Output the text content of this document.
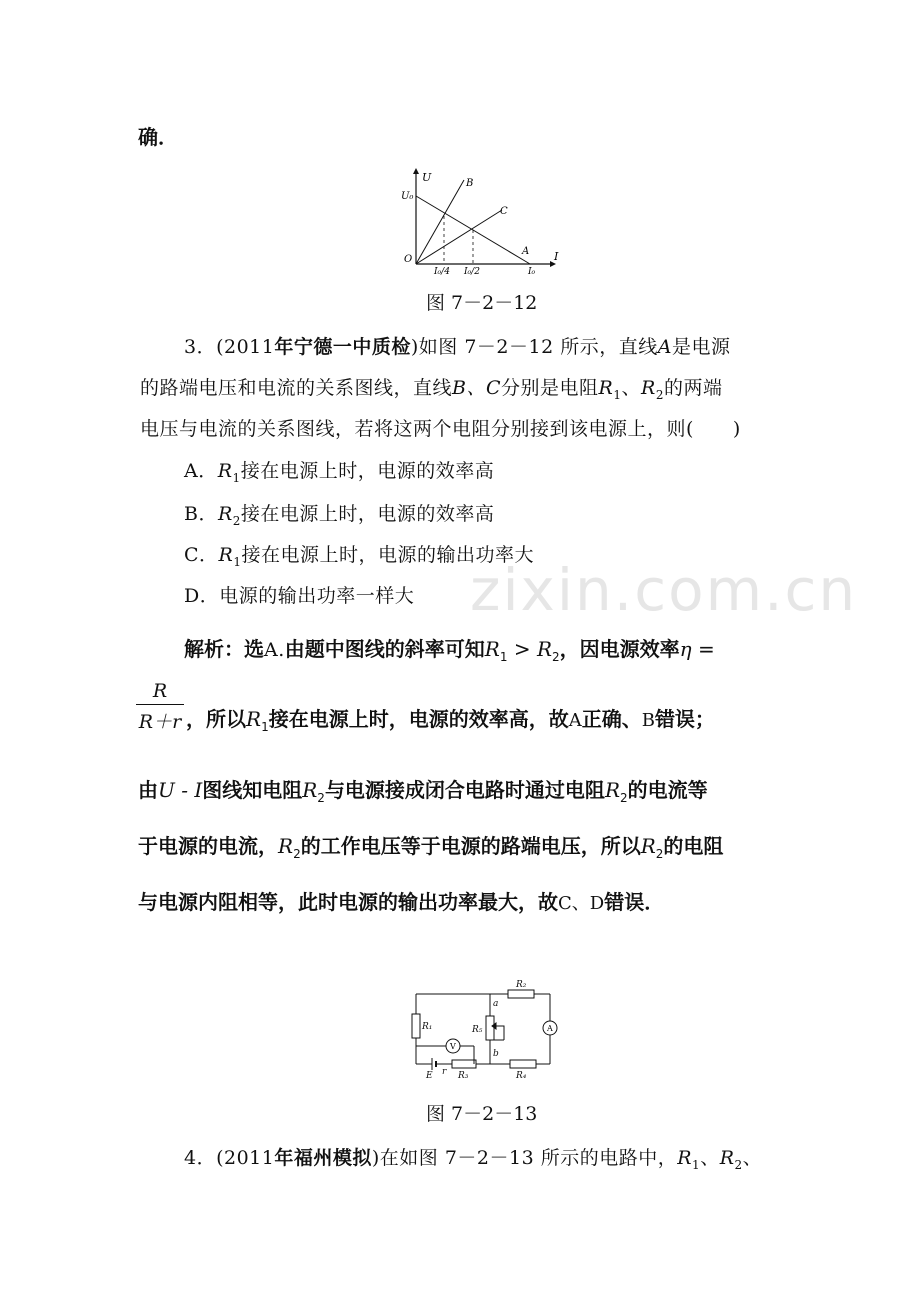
zixin.com.cn
确．
U
U₀
B
C
A
O	I
I₀/4 I₀/2	I₀
图 7－2－12
3．(2011年宁德一中质检)如图 7－2－12 所示，直线A是电源
的路端电压和电流的关系图线，直线B、C分别是电阻$R_1$、$R_2$的两端
电压与电流的关系图线，若将这两个电阻分别接到该电源上，则(　　)
A．$R_1$接在电源上时，电源的效率高
B．$R_2$接在电源上时，电源的效率高
C．$R_1$接在电源上时，电源的输出功率大
D．电源的输出功率一样大
解析：选A.由题中图线的斜率可知$R_1 > R_2$，因电源效率η =
R
R＋r ，所以$R_1$接在电源上时，电源的效率高，故A正确、B错误；
由U - I图线知电阻$R_2$与电源接成闭合电路时通过电阻$R_2$的电流等
于电源的电流，$R_2$的工作电压等于电源的路端电压，所以$R_2$的电阻
与电源内阻相等，此时电源的输出功率最大，故C、D错误．
R₂
R₁	R₅
a
b
R₃	R₄
E r
V
A
图 7－2－13
4．(2011年福州模拟)在如图 7－2－13 所示的电路中，$R_1$、$R_2$、
